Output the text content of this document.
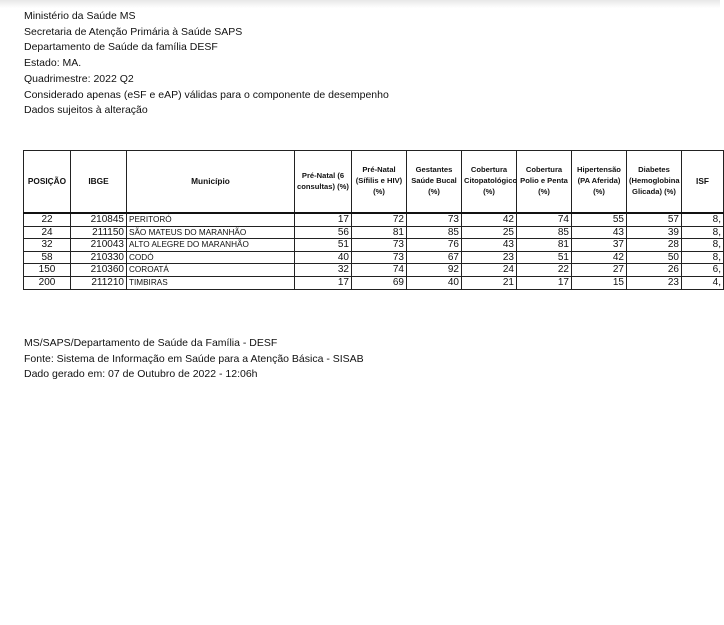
Ministério da Saúde MS
Secretaria de Atenção Primária à Saúde SAPS
Departamento de Saúde da família DESF
Estado: MA.
Quadrimestre: 2022 Q2
Considerado apenas (eSF e eAP) válidas para o componente de desempenho
Dados sujeitos à alteração
POSIÇÃO	IBGE	Município	Pré-Natal (6 consultas) (%)	Pré-Natal (Sífilis e HIV) (%)	Gestantes Saúde Bucal (%)	Cobertura Citopatológico (%)	Cobertura Polio e Penta (%)	Hipertensão (PA Aferida) (%)	Diabetes (Hemoglobina Glicada) (%)	ISF
22	210845	PERITORÓ	17	72	73	42	74	55	57	8,
24	211150	SÃO MATEUS DO MARANHÃO	56	81	85	25	85	43	39	8,
32	210043	ALTO ALEGRE DO MARANHÃO	51	73	76	43	81	37	28	8,
58	210330	CODÓ	40	73	67	23	51	42	50	8,
150	210360	COROATÁ	32	74	92	24	22	27	26	6,
200	211210	TIMBIRAS	17	69	40	21	17	15	23	4,
MS/SAPS/Departamento de Saúde da Família - DESF
Fonte: Sistema de Informação em Saúde para a Atenção Básica - SISAB
Dado gerado em: 07 de Outubro de 2022 - 12:06h
